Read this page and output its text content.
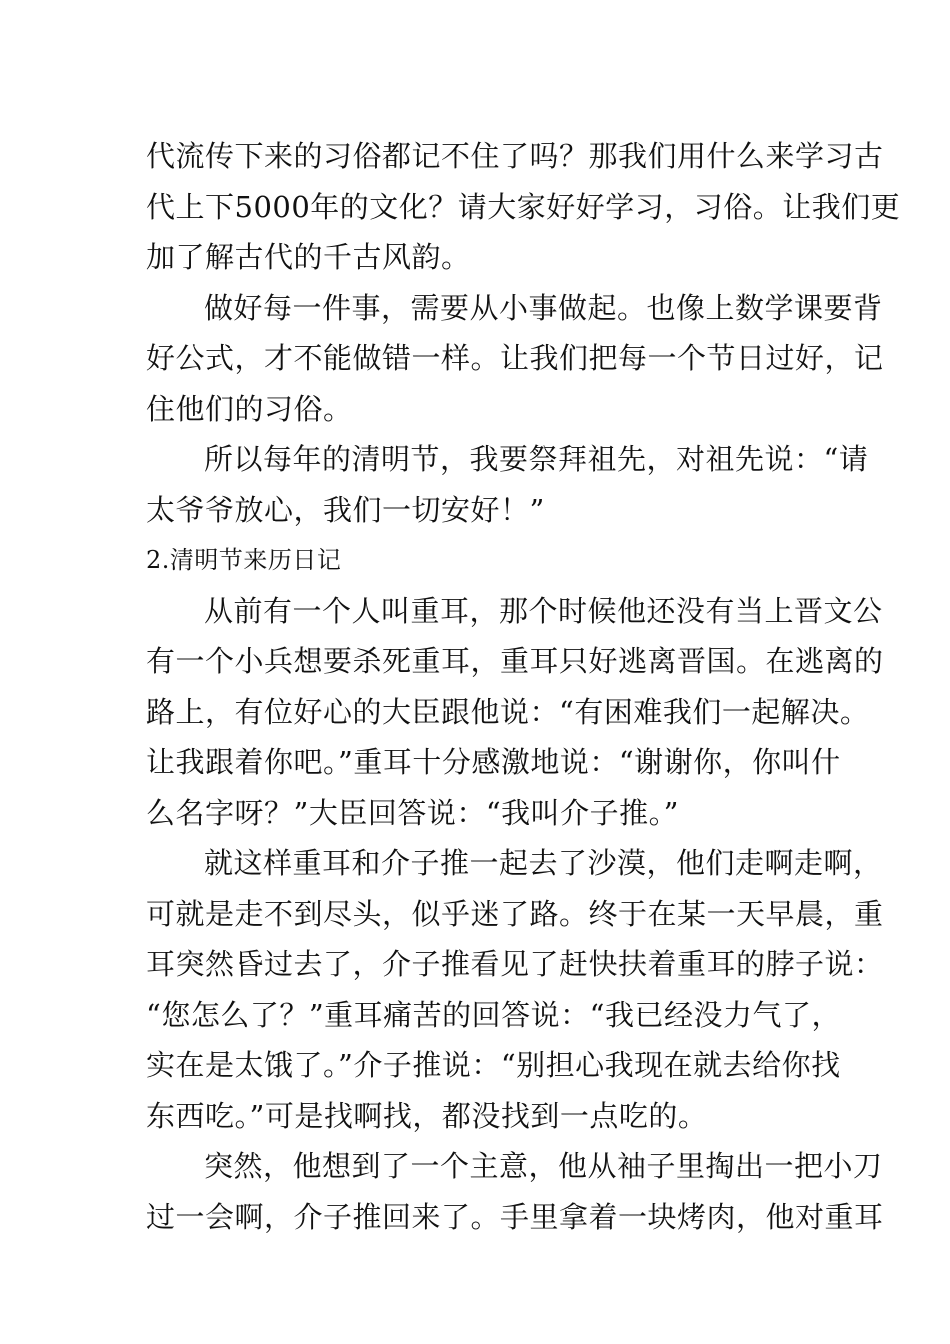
代流传下来的习俗都记不住了吗？那我们用什么来学习古
代上下5000年的文化？请大家好好学习，习俗。让我们更
加了解古代的千古风韵。
做好每一件事，需要从小事做起。也像上数学课要背
好公式，才不能做错一样。让我们把每一个节日过好，记
住他们的习俗。
所以每年的清明节，我要祭拜祖先，对祖先说：“请
太爷爷放心，我们一切安好！”
2.清明节来历日记
从前有一个人叫重耳，那个时候他还没有当上晋文公
有一个小兵想要杀死重耳，重耳只好逃离晋国。在逃离的
路上，有位好心的大臣跟他说：“有困难我们一起解决。
让我跟着你吧。”重耳十分感激地说：“谢谢你，你叫什
么名字呀？”大臣回答说：“我叫介子推。”
就这样重耳和介子推一起去了沙漠，他们走啊走啊，
可就是走不到尽头，似乎迷了路。终于在某一天早晨，重
耳突然昏过去了，介子推看见了赶快扶着重耳的脖子说：
“您怎么了？”重耳痛苦的回答说：“我已经没力气了，
实在是太饿了。”介子推说：“别担心我现在就去给你找
东西吃。”可是找啊找，都没找到一点吃的。
突然，他想到了一个主意，他从袖子里掏出一把小刀
过一会啊，介子推回来了。手里拿着一块烤肉，他对重耳
